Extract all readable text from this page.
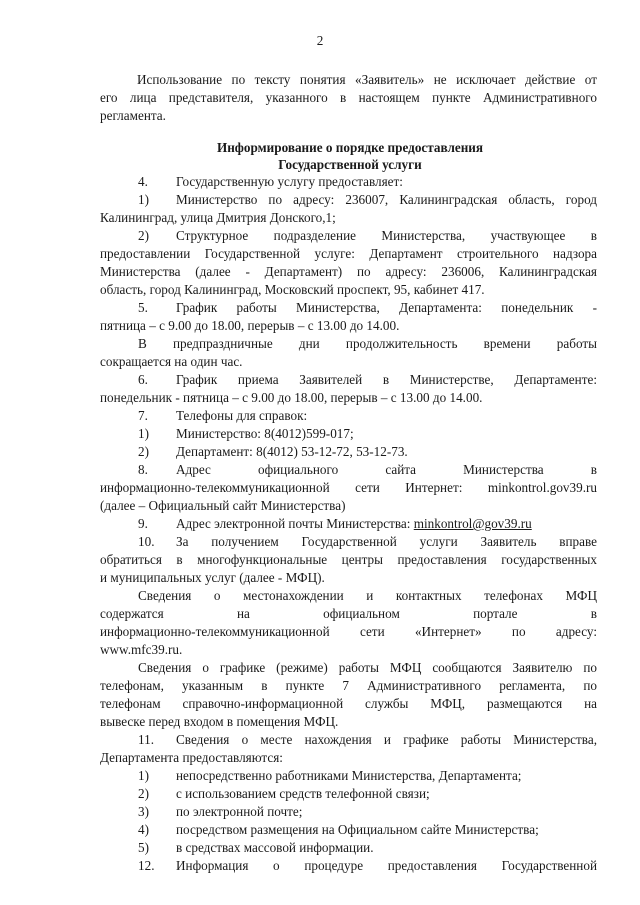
2
Использование по тексту понятия «Заявитель» не исключает действие от
его лица представителя, указанного в настоящем пункте Административного
регламента.
Информирование о порядке предоставления
Государственной услуги
4. Государственную услугу предоставляет:
1) Министерство по адресу: 236007, Калининградская область, город
Калининград, улица Дмитрия Донского,1;
2) Структурное подразделение Министерства, участвующее в
предоставлении Государственной услуге: Департамент строительного надзора
Министерства (далее - Департамент) по адресу: 236006, Калининградская
область, город Калининград, Московский проспект, 95, кабинет 417.
5. График работы Министерства, Департамента: понедельник -
пятница – с 9.00 до 18.00, перерыв – с 13.00 до 14.00.
В предпраздничные дни продолжительность времени работы
сокращается на один час.
6. График приема Заявителей в Министерстве, Департаменте:
понедельник - пятница – с 9.00 до 18.00, перерыв – с 13.00 до 14.00.
7. Телефоны для справок:
1) Министерство: 8(4012)599-017;
2) Департамент: 8(4012) 53-12-72, 53-12-73.
8. Адрес официального сайта Министерства в
информационно-телекоммуникационной сети Интернет: minkontrol.gov39.ru
(далее – Официальный сайт Министерства)
9. Адрес электронной почты Министерства: minkontrol@gov39.ru
10. За получением Государственной услуги Заявитель вправе
обратиться в многофункциональные центры предоставления государственных
и муниципальных услуг (далее - МФЦ).
Сведения о местонахождении и контактных телефонах МФЦ
содержатся на официальном портале в
информационно-телекоммуникационной сети «Интернет» по адресу:
www.mfc39.ru.
Сведения о графике (режиме) работы МФЦ сообщаются Заявителю по
телефонам, указанным в пункте 7 Административного регламента, по
телефонам справочно-информационной службы МФЦ, размещаются на
вывеске перед входом в помещения МФЦ.
11. Сведения о месте нахождения и графике работы Министерства,
Департамента предоставляются:
1) непосредственно работниками Министерства, Департамента;
2) с использованием средств телефонной связи;
3) по электронной почте;
4) посредством размещения на Официальном сайте Министерства;
5) в средствах массовой информации.
12. Информация о процедуре предоставления Государственной
